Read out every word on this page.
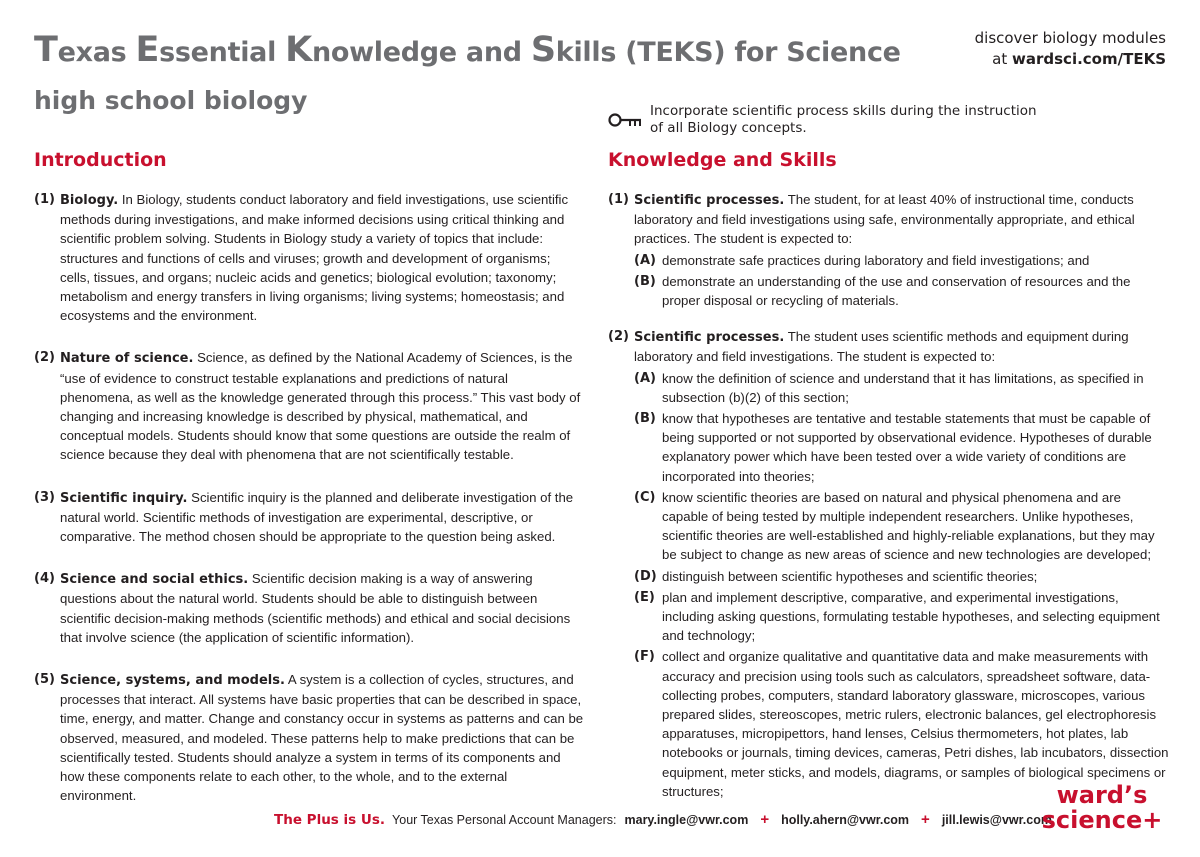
Texas Essential Knowledge and Skills (TEKS) for Science
high school biology
discover biology modules
at wardsci.com/TEKS
Incorporate scientific process skills during the instruction
of all Biology concepts.
Introduction	Knowledge and Skills
(1) Biology. In Biology, students conduct laboratory and field investigations, use scientific methods during investigations, and make informed decisions using critical thinking and scientific problem solving. Students in Biology study a variety of topics that include: structures and functions of cells and viruses; growth and development of organisms; cells, tissues, and organs; nucleic acids and genetics; biological evolution; taxonomy; metabolism and energy transfers in living organisms; living systems; homeostasis; and ecosystems and the environment.
(2) Nature of science. Science, as defined by the National Academy of Sciences, is the “use of evidence to construct testable explanations and predictions of natural phenomena, as well as the knowledge generated through this process.” This vast body of changing and increasing knowledge is described by physical, mathematical, and conceptual models. Students should know that some questions are outside the realm of science because they deal with phenomena that are not scientifically testable.
(3) Scientific inquiry. Scientific inquiry is the planned and deliberate investigation of the natural world. Scientific methods of investigation are experimental, descriptive, or comparative. The method chosen should be appropriate to the question being asked.
(4) Science and social ethics. Scientific decision making is a way of answering questions about the natural world. Students should be able to distinguish between scientific decision-making methods (scientific methods) and ethical and social decisions that involve science (the application of scientific information).
(5) Science, systems, and models. A system is a collection of cycles, structures, and processes that interact. All systems have basic properties that can be described in space, time, energy, and matter. Change and constancy occur in systems as patterns and can be observed, measured, and modeled. These patterns help to make predictions that can be scientifically tested. Students should analyze a system in terms of its components and how these components relate to each other, to the whole, and to the external environment.
(1) Scientific processes. The student, for at least 40% of instructional time, conducts laboratory and field investigations using safe, environmentally appropriate, and ethical practices. The student is expected to:
(A) demonstrate safe practices during laboratory and field investigations; and
(B) demonstrate an understanding of the use and conservation of resources and the proper disposal or recycling of materials.
(2) Scientific processes. The student uses scientific methods and equipment during laboratory and field investigations. The student is expected to:
(A) know the definition of science and understand that it has limitations, as specified in subsection (b)(2) of this section;
(B) know that hypotheses are tentative and testable statements that must be capable of being supported or not supported by observational evidence. Hypotheses of durable explanatory power which have been tested over a wide variety of conditions are incorporated into theories;
(C) know scientific theories are based on natural and physical phenomena and are capable of being tested by multiple independent researchers. Unlike hypotheses, scientific theories are well-established and highly-reliable explanations, but they may be subject to change as new areas of science and new technologies are developed;
(D) distinguish between scientific hypotheses and scientific theories;
(E) plan and implement descriptive, comparative, and experimental investigations, including asking questions, formulating testable hypotheses, and selecting equipment and technology;
(F) collect and organize qualitative and quantitative data and make measurements with accuracy and precision using tools such as calculators, spreadsheet software, data-collecting probes, computers, standard laboratory glassware, microscopes, various prepared slides, stereoscopes, metric rulers, electronic balances, gel electrophoresis apparatuses, micropipettors, hand lenses, Celsius thermometers, hot plates, lab notebooks or journals, timing devices, cameras, Petri dishes, lab incubators, dissection equipment, meter sticks, and models, diagrams, or samples of biological specimens or structures;
The Plus is Us. Your Texas Personal Account Managers: mary.ingle@vwr.com + holly.ahern@vwr.com + jill.lewis@vwr.com
ward’s
science+
